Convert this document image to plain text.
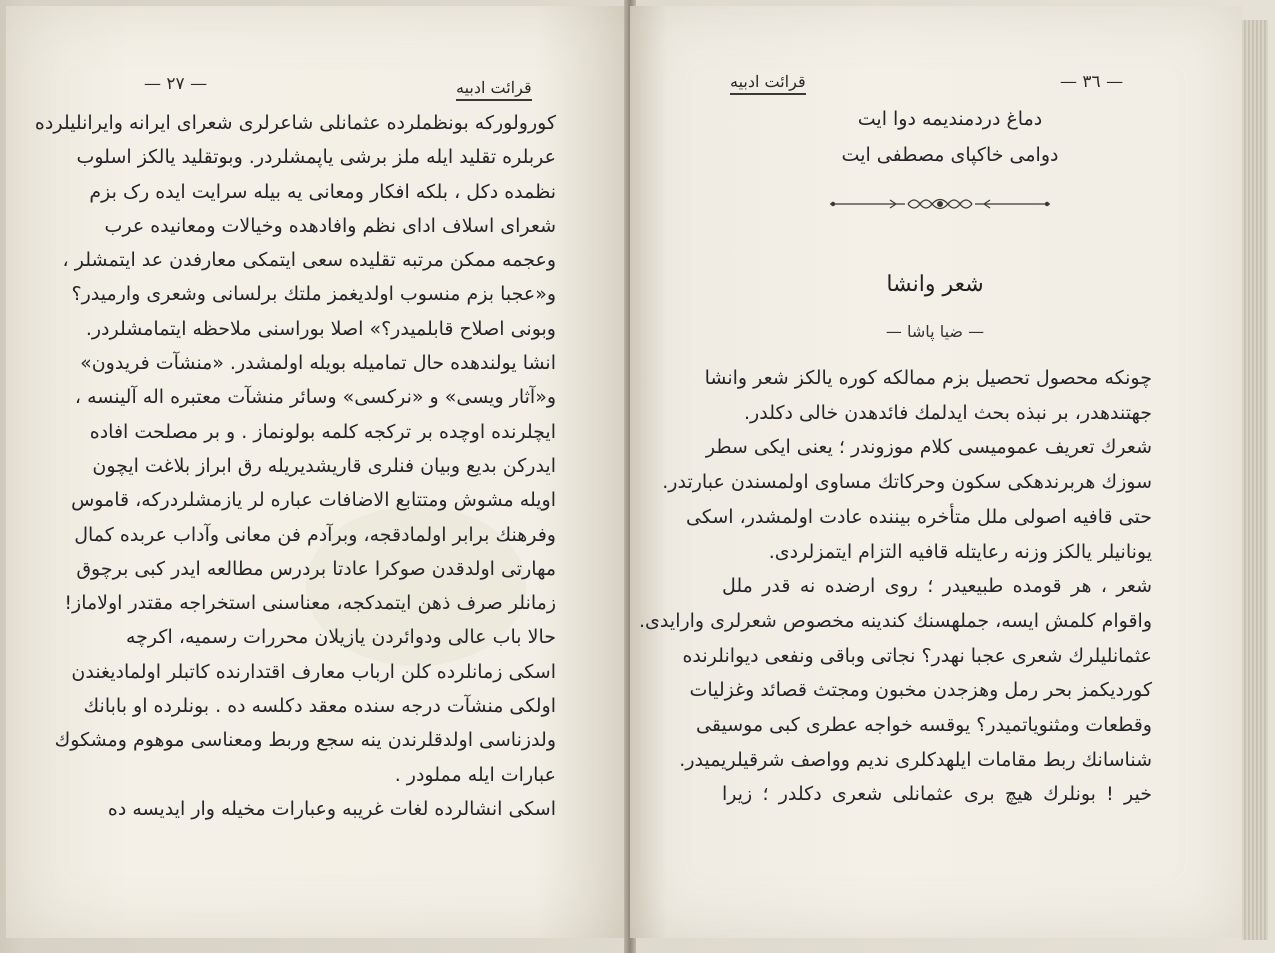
— ٢٧ —	قرائت ادبیه
کورولورکه بونظملرده عثمانلی شاعرلری شعرای ایرانه وایرانلیلرده
عربلره تقلید ایله ملز برشی یاپمشلردر. وبوتقلید یالکز اسلوب
نظمده دکل ، بلکه افکار ومعانی یه بیله سرایت ایده رک بزم
شعرای اسلاف ادای نظم وافادهده وخیالات ومعانیده عرب
وعجمه ممکن مرتبه تقلیده سعی ایتمکی معارفدن عد ایتمشلر ،
و«عجبا بزم منسوب اولدیغمز ملتك برلسانی وشعری وارمیدر؟
وبونی اصلاح قابلمیدر؟» اصلا بوراسنی ملاحظه ایتمامشلردر.
انشا یولندهده حال تمامیله بویله اولمشدر. «منشآت فریدون»
و«آثار ویسی» و «نرکسی» وسائر منشآت معتبره اله آلینسه ،
ایچلرنده اوچده بر ترکجه کلمه بولونماز . و بر مصلحت افاده
ایدرکن بدیع وبیان فنلری قاریشدیریله رق ابراز بلاغت ایچون
اویله مشوش ومتتابع الاضافات عباره لر یازمشلردرکه، قاموس
وفرهنك برابر اولمادقجه، وبرآدم فن معانی وآداب عربده کمال
مهارتی اولدقدن صوکرا عادتا بردرس مطالعه ایدر کبی برچوق
زمانلر صرف ذهن ایتمدکجه، معناسنی استخراجه مقتدر اولاماز!
حالا باب عالی ودوائردن یازیلان محررات رسمیه، اکرچه
اسکی زمانلرده کلن ارباب معارف اقتدارنده کاتبلر اولمادیغندن
اولکی منشآت درجه سنده معقد دکلسه ده . بونلرده او بابانك
ولدزناسی اولدقلرندن ینه سجع وربط ومعناسی موهوم ومشکوك
عبارات ایله مملودر .
اسکی انشالرده لغات غریبه وعبارات مخیله وار ایدیسه ده
قرائت ادبیه	— ٣٦ —
دماغ دردمندیمه دوا ایت
دوامی خاکپای مصطفی ایت
شعر وانشا
— ضیا پاشا —
چونکه محصول تحصیل بزم ممالکه کوره یالکز شعر وانشا
جهتندهدر، بر نبذه بحث ایدلمك فائدهدن خالی دکلدر.
شعرك تعریف عمومیسی کلام موزوندر ؛ یعنی ایکی سطر
سوزك هربرندهکی سکون وحرکاتك مساوی اولمسندن عبارتدر.
حتی قافیه اصولی ملل متأخره بیننده عادت اولمشدر، اسکی
یونانیلر یالکز وزنه رعایتله قافیه التزام ایتمزلردی.
شعر ، هر قومده طبیعیدر ؛ روی ارضده نه قدر ملل
واقوام کلمش ایسه، جملهسنك کندینه مخصوص شعرلری وارایدی.
عثمانلیلرك شعری عجبا نهدر؟ نجاتی وباقی ونفعی دیوانلرنده
کوردیکمز بحر رمل وهزجدن مخبون ومجتث قصائد وغزلیات
وقطعات ومثنویاتمیدر؟ یوقسه خواجه عطری کبی موسیقی
شناسانك ربط مقامات ایلهدکلری ندیم وواصف شرقیلریمیدر.
خیر ! بونلرك هیچ بری عثمانلی شعری دکلدر ؛ زیرا
